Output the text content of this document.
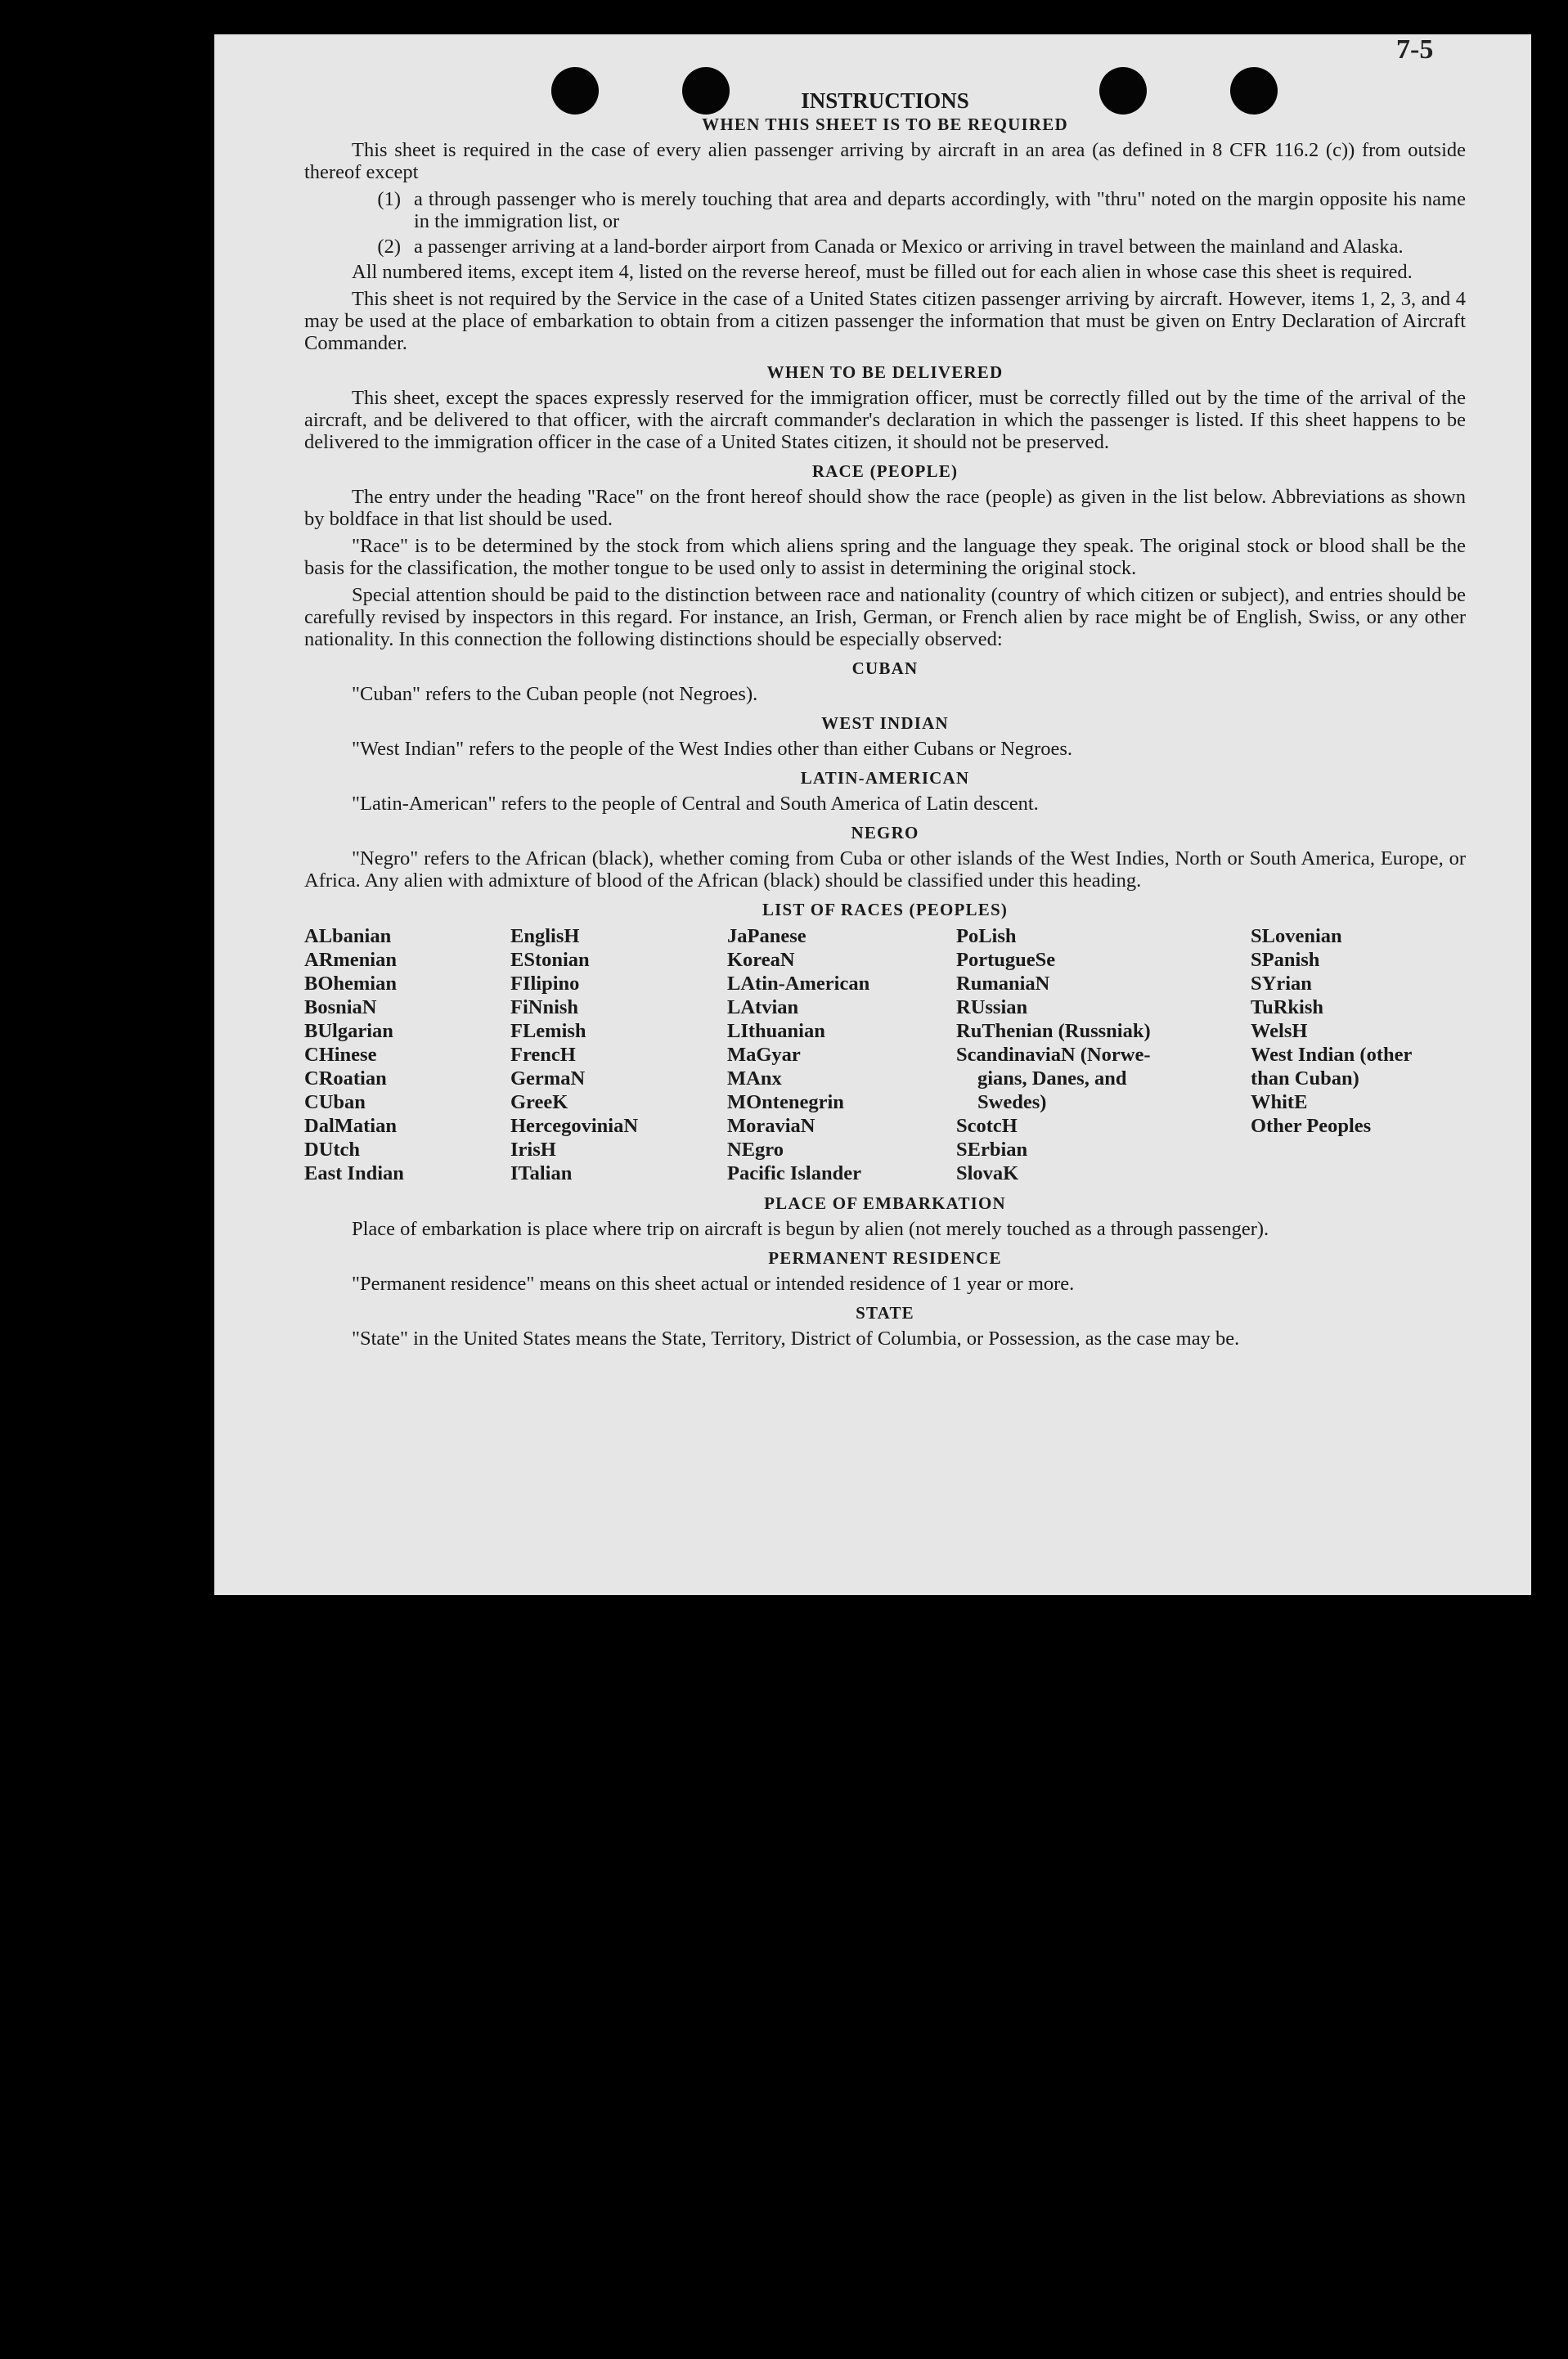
7-5
INSTRUCTIONS
WHEN THIS SHEET IS TO BE REQUIRED

This sheet is required in the case of every alien passenger arriving by aircraft in an area (as defined in 8 CFR 116.2 (c)) from outside thereof except

(1) a through passenger who is merely touching that area and departs accordingly, with "thru" noted on the margin opposite his name in the immigration list, or
(2) a passenger arriving at a land-border airport from Canada or Mexico or arriving in travel between the mainland and Alaska.

All numbered items, except item 4, listed on the reverse hereof, must be filled out for each alien in whose case this sheet is required.

This sheet is not required by the Service in the case of a United States citizen passenger arriving by aircraft. However, items 1, 2, 3, and 4 may be used at the place of embarkation to obtain from a citizen passenger the information that must be given on Entry Declaration of Aircraft Commander.

WHEN TO BE DELIVERED

This sheet, except the spaces expressly reserved for the immigration officer, must be correctly filled out by the time of the arrival of the aircraft, and be delivered to that officer, with the aircraft commander's declaration in which the passenger is listed. If this sheet happens to be delivered to the immigration officer in the case of a United States citizen, it should not be preserved.

RACE (PEOPLE)

The entry under the heading "Race" on the front hereof should show the race (people) as given in the list below. Abbreviations as shown by boldface in that list should be used.

"Race" is to be determined by the stock from which aliens spring and the language they speak. The original stock or blood shall be the basis for the classification, the mother tongue to be used only to assist in determining the original stock.

Special attention should be paid to the distinction between race and nationality (country of which citizen or subject), and entries should be carefully revised by inspectors in this regard. For instance, an Irish, German, or French alien by race might be of English, Swiss, or any other nationality. In this connection the following distinctions should be especially observed:

CUBAN

"Cuban" refers to the Cuban people (not Negroes).

WEST INDIAN

"West Indian" refers to the people of the West Indies other than either Cubans or Negroes.

LATIN-AMERICAN

"Latin-American" refers to the people of Central and South America of Latin descent.

NEGRO

"Negro" refers to the African (black), whether coming from Cuba or other islands of the West Indies, North or South America, Europe, or Africa. Any alien with admixture of blood of the African (black) should be classified under this heading.

LIST OF RACES (PEOPLES)
ALbanian
ARmenian
BOhemian
BosniaN
BUlgarian
CHinese
CRoatian
CUban
DalMatian
DUtch
East Indian
EnglisH
EStonian
FIlipino
FiNnish
FLemish
FrencH
GermaN
GreeK
HercegoviniaN
IrisH
ITalian
JaPanese
KoreaN
LAtin-American
LAtvian
LIthuanian
MaGyar
MAnx
MOntenegrin
MoraviaN
NEgro
Pacific Islander
PoLish
PortugueSe
RumaniaN
RUssian
RuThenian (Russniak)
ScandinaviaN (Norwe-
gians, Danes, and
Swedes)
ScotcH
SErbian
SlovaK
SLovenian
SPanish
SYrian
TuRkish
WelsH
West Indian (other
than Cuban)
WhitE
Other Peoples
PLACE OF EMBARKATION

Place of embarkation is place where trip on aircraft is begun by alien (not merely touched as a through passenger).

PERMANENT RESIDENCE

"Permanent residence" means on this sheet actual or intended residence of 1 year or more.

STATE

"State" in the United States means the State, Territory, District of Columbia, or Possession, as the case may be.
